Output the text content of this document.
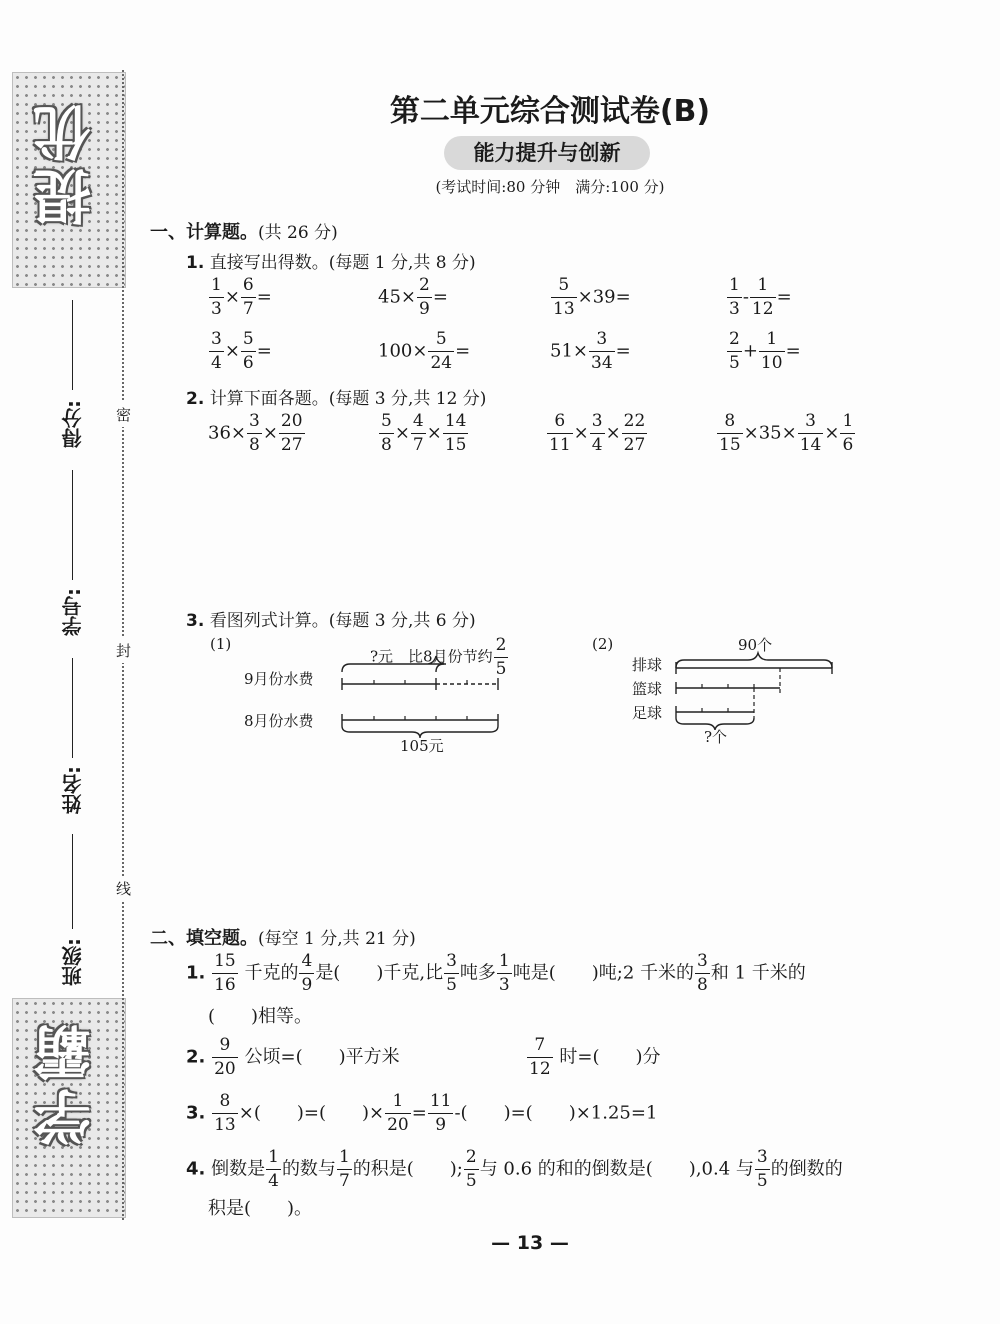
提优
学霸
得分:
学号:
姓名:
班级:
密
封
线
第二单元综合测试卷(B)
能力提升与创新
(考试时间:80 分钟　满分:100 分)
一、计算题。(共 26 分)
1. 直接写出得数。(每题 1 分,共 8 分)
$\frac{1}{3} \times \frac{6}{7}$ =	$45\times \frac{2}{9}$ =	$\frac{5}{13} \times 39=$	$\frac{1}{3} - \frac{1}{12}$ =
$\frac{3}{4} \times \frac{5}{6}$ =	$100\times \frac{5}{24}$ =	$51\times \frac{3}{34}$ =	$\frac{2}{5} + \frac{1}{10}$ =
2. 计算下面各题。(每题 3 分,共 12 分)
$36\times \frac{3}{8} \times \frac{20}{27}$	$\frac{5}{8} \times \frac{4}{7} \times \frac{14}{15}$	$\frac{6}{11} \times \frac{3}{4} \times \frac{22}{27}$	$\frac{8}{15} \times 35\times \frac{3}{14} \times \frac{1}{6}$
3. 看图列式计算。(每题 3 分,共 6 分)
(1)
?元　比8月份节约 $\frac{2}{5}$
9月份水费
8月份水费
105元
(2)	90个
排球
篮球
足球
?个
二、填空题。(每空 1 分,共 21 分)
1. $\frac{15}{16}$ 千克的 $\frac{4}{9}$ 是(　　)千克,比 $\frac{3}{5}$ 吨多 $\frac{1}{3}$ 吨是(　　)吨;2 千米的 $\frac{3}{8}$ 和 1 千米的
(　　)相等。
2. $\frac{9}{20}$ 公顷=(　　)平方米	$\frac{7}{12}$ 时=(　　)分
3. $\frac{8}{13}$ ×(　　)=(　　)× $\frac{1}{20} = \frac{11}{9}$ -(　　)=(　　)×1.25=1
4. 倒数是 $\frac{1}{4}$ 的数与 $\frac{1}{7}$ 的积是(　　); $\frac{2}{5}$ 与 0.6 的和的倒数是(　　),0.4 与 $\frac{3}{5}$ 的倒数的
积是(　　)。
— 13 —
